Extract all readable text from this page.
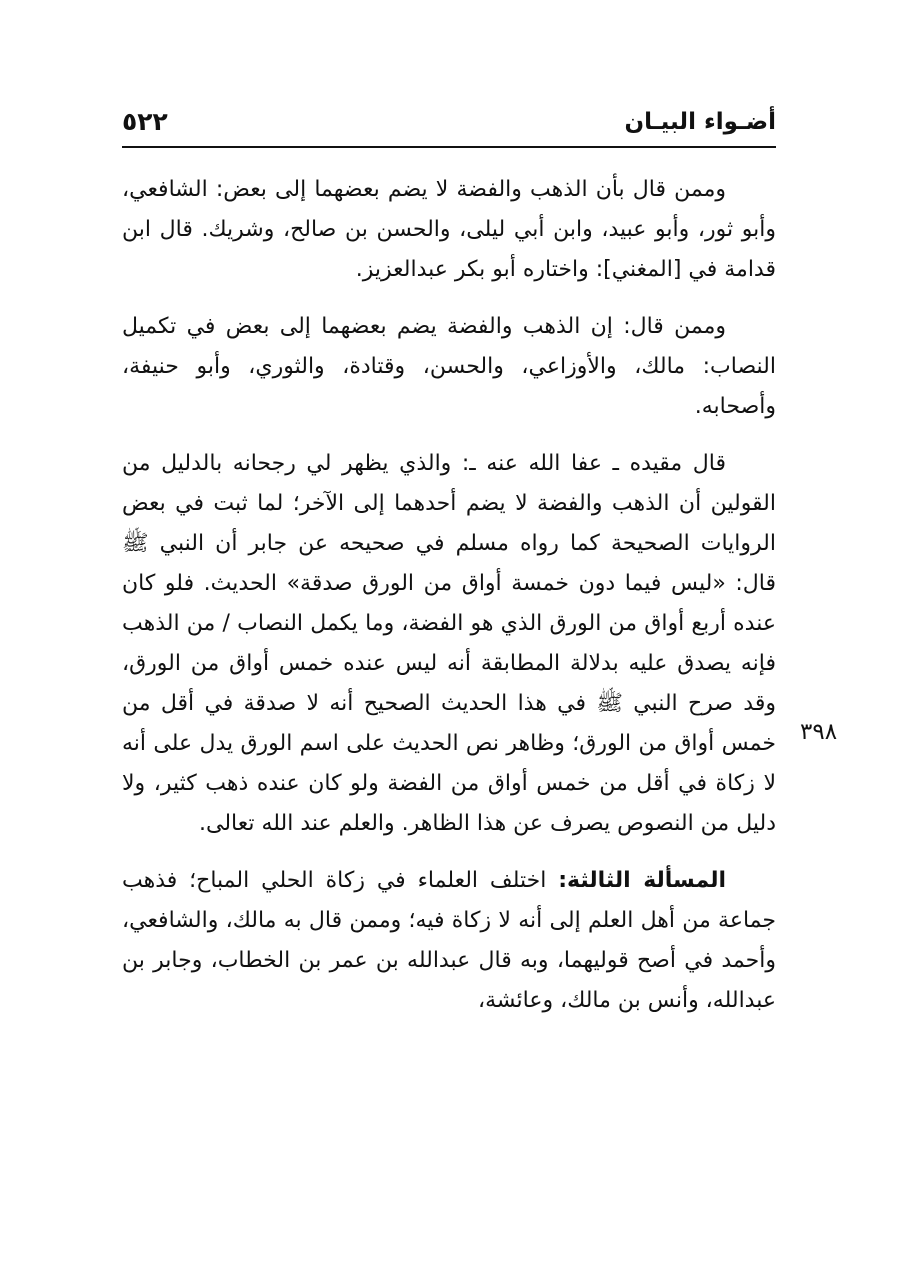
أضـواء البيـان
٥٢٢
٣٩٨

وممن قال بأن الذهب والفضة لا يضم بعضهما إلى بعض: الشافعي، وأبو ثور، وأبو عبيد، وابن أبي ليلى، والحسن بن صالح، وشريك. قال ابن قدامة في [المغني]: واختاره أبو بكر عبدالعزيز.

وممن قال: إن الذهب والفضة يضم بعضهما إلى بعض في تكميل النصاب: مالك، والأوزاعي، والحسن، وقتادة، والثوري، وأبو حنيفة، وأصحابه.

قال مقيده ـ عفا الله عنه ـ: والذي يظهر لي رجحانه بالدليل من القولين أن الذهب والفضة لا يضم أحدهما إلى الآخر؛ لما ثبت في بعض الروايات الصحيحة كما رواه مسلم في صحيحه عن جابر أن النبي ﷺ قال: «ليس فيما دون خمسة أواق من الورق صدقة» الحديث. فلو كان عنده أربع أواق من الورق الذي هو الفضة، وما يكمل النصاب / من الذهب فإنه يصدق عليه بدلالة المطابقة أنه ليس عنده خمس أواق من الورق، وقد صرح النبي ﷺ في هذا الحديث الصحيح أنه لا صدقة في أقل من خمس أواق من الورق؛ وظاهر نص الحديث على اسم الورق يدل على أنه لا زكاة في أقل من خمس أواق من الفضة ولو كان عنده ذهب كثير، ولا دليل من النصوص يصرف عن هذا الظاهر. والعلم عند الله تعالى.

المسألة الثالثة: اختلف العلماء في زكاة الحلي المباح؛ فذهب جماعة من أهل العلم إلى أنه لا زكاة فيه؛ وممن قال به مالك، والشافعي، وأحمد في أصح قوليهما، وبه قال عبدالله بن عمر بن الخطاب، وجابر بن عبدالله، وأنس بن مالك، وعائشة،
